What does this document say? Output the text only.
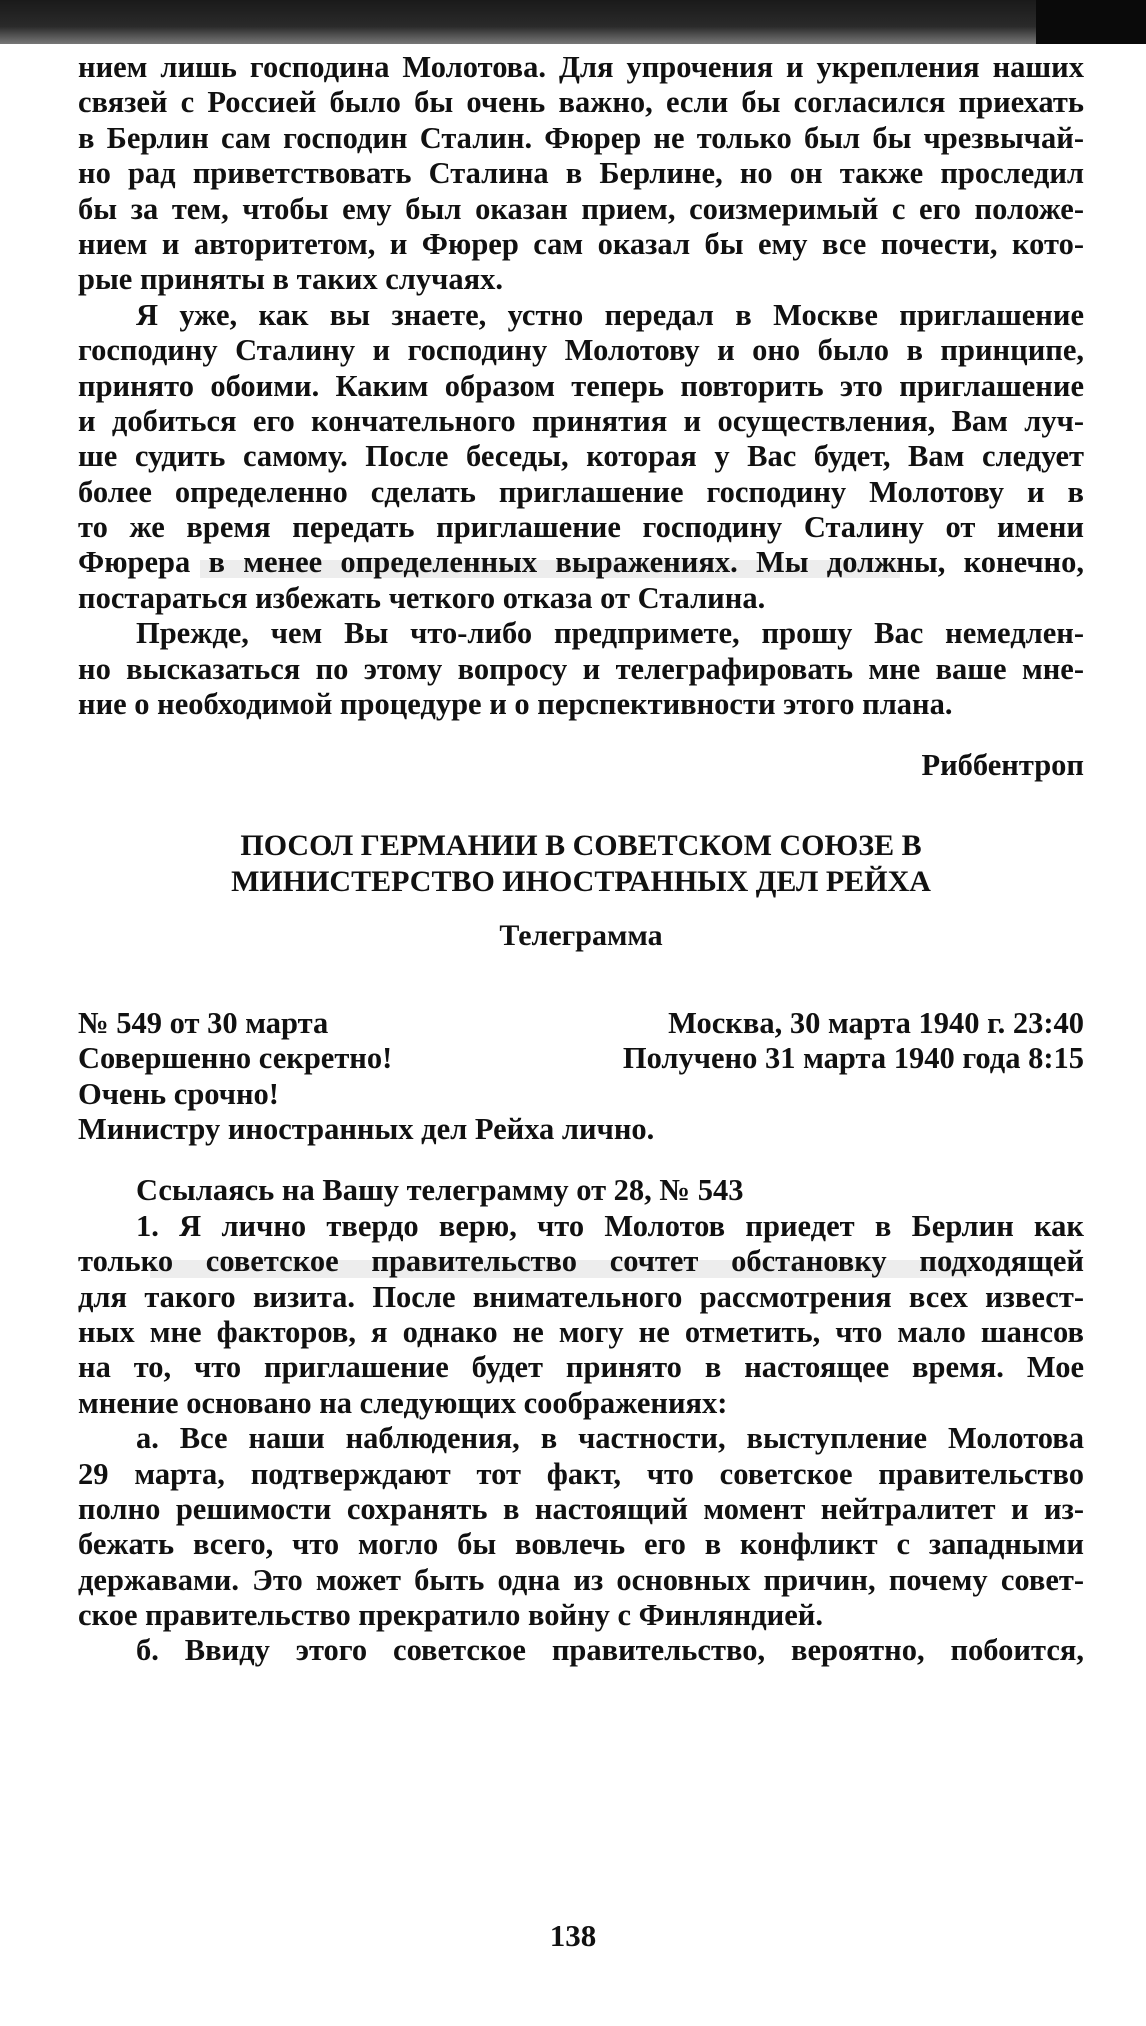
нием лишь господина Молотова. Для упрочения и укрепления наших
связей с Россией было бы очень важно, если бы согласился приехать
в Берлин сам господин Сталин. Фюрер не только был бы чрезвычай-
но рад приветствовать Сталина в Берлине, но он также проследил
бы за тем, чтобы ему был оказан прием, соизмеримый с его положе-
нием и авторитетом, и Фюрер сам оказал бы ему все почести, кото-
рые приняты в таких случаях.
Я уже, как вы знаете, устно передал в Москве приглашение
господину Сталину и господину Молотову и оно было в принципе,
принято обоими. Каким образом теперь повторить это приглашение
и добиться его кончательного принятия и осуществления, Вам луч-
ше судить самому. После беседы, которая у Вас будет, Вам следует
более определенно сделать приглашение господину Молотову и в
то же время передать приглашение господину Сталину от имени
Фюрера в менее определенных выражениях. Мы должны, конечно,
постараться избежать четкого отказа от Сталина.
Прежде, чем Вы что-либо предпримете, прошу Вас немедлен-
но высказаться по этому вопросу и телеграфировать мне ваше мне-
ние о необходимой процедуре и о перспективности этого плана.
Риббентроп
ПОСОЛ ГЕРМАНИИ В СОВЕТСКОМ СОЮЗЕ В
МИНИСТЕРСТВО ИНОСТРАННЫХ ДЕЛ РЕЙХА
Телеграмма
№ 549 от 30 марта	Москва, 30 марта 1940 г. 23:40
Совершенно секретно!	Получено 31 марта 1940 года 8:15
Очень срочно!
Министру иностранных дел Рейха лично.
Ссылаясь на Вашу телеграмму от 28, № 543
1. Я лично твердо верю, что Молотов приедет в Берлин как
только советское правительство сочтет обстановку подходящей
для такого визита. После внимательного рассмотрения всех извест-
ных мне факторов, я однако не могу не отметить, что мало шансов
на то, что приглашение будет принято в настоящее время. Мое
мнение основано на следующих соображениях:
а. Все наши наблюдения, в частности, выступление Молотова
29 марта, подтверждают тот факт, что советское правительство
полно решимости сохранять в настоящий момент нейтралитет и из-
бежать всего, что могло бы вовлечь его в конфликт с западными
державами. Это может быть одна из основных причин, почему совет-
ское правительство прекратило войну с Финляндией.
б. Ввиду этого советское правительство, вероятно, побоится,
138
